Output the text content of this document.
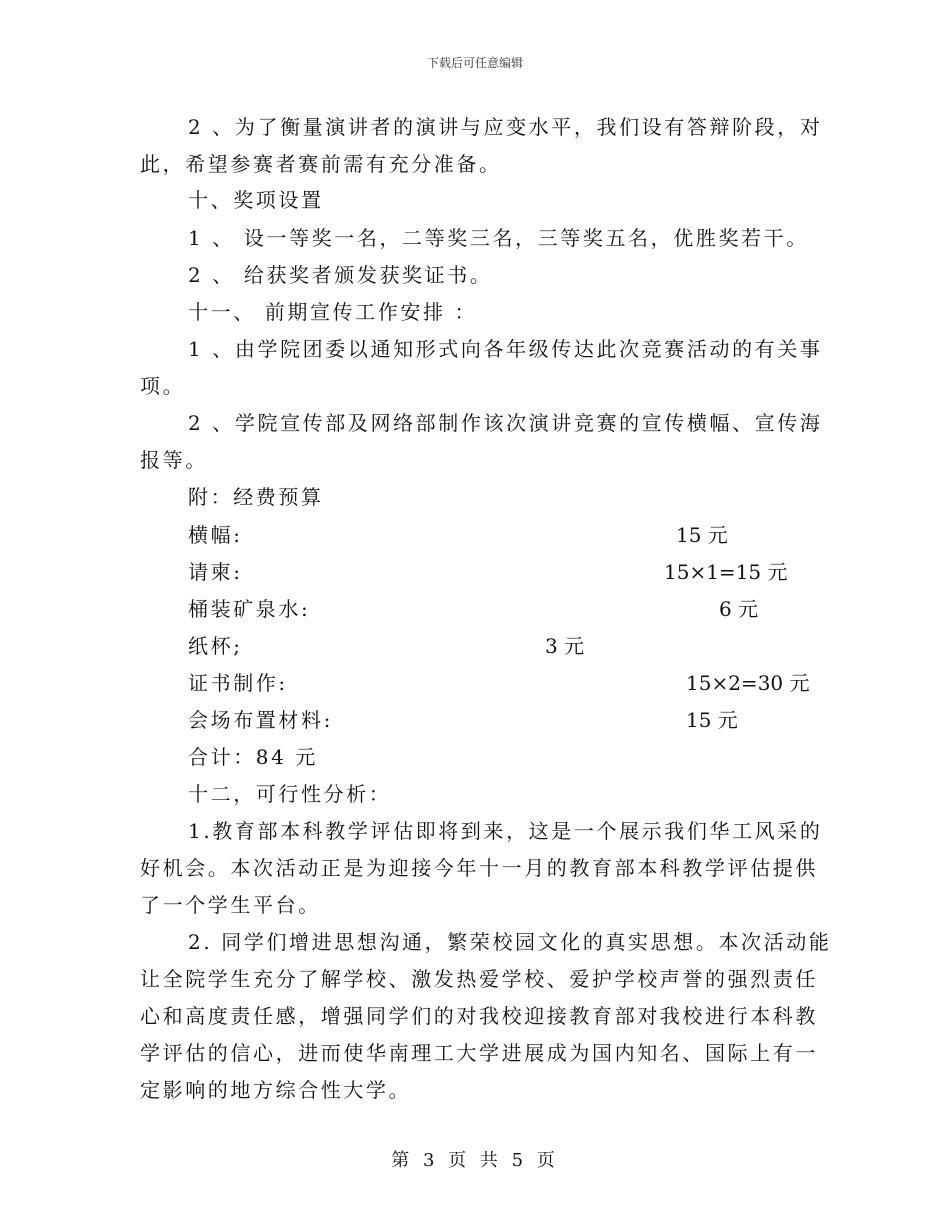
下载后可任意编辑
2 、为了衡量演讲者的演讲与应变水平，我们设有答辩阶段，对
此，希望参赛者赛前需有充分准备。
十、奖项设置
1 、 设一等奖一名，二等奖三名，三等奖五名，优胜奖若干。
2 、 给获奖者颁发获奖证书。
十一、 前期宣传工作安排 ：
1 、由学院团委以通知形式向各年级传达此次竞赛活动的有关事
项。
2 、学院宣传部及网络部制作该次演讲竞赛的宣传横幅、宣传海
报等。
附：经费预算
横幅:	15 元
请柬:	15×1=15 元
桶装矿泉水:	6 元
纸杯;	3 元
证书制作:	15×2=30 元
会场布置材料:	15 元
合计：84 元
十二，可行性分析：
1.教育部本科教学评估即将到来，这是一个展示我们华工风采的
好机会。本次活动正是为迎接今年十一月的教育部本科教学评估提供
了一个学生平台。
2. 同学们增进思想沟通，繁荣校园文化的真实思想。本次活动能
让全院学生充分了解学校、激发热爱学校、爱护学校声誉的强烈责任
心和高度责任感，增强同学们的对我校迎接教育部对我校进行本科教
学评估的信心，进而使华南理工大学进展成为国内知名、国际上有一
定影响的地方综合性大学。
第 3 页 共 5 页
